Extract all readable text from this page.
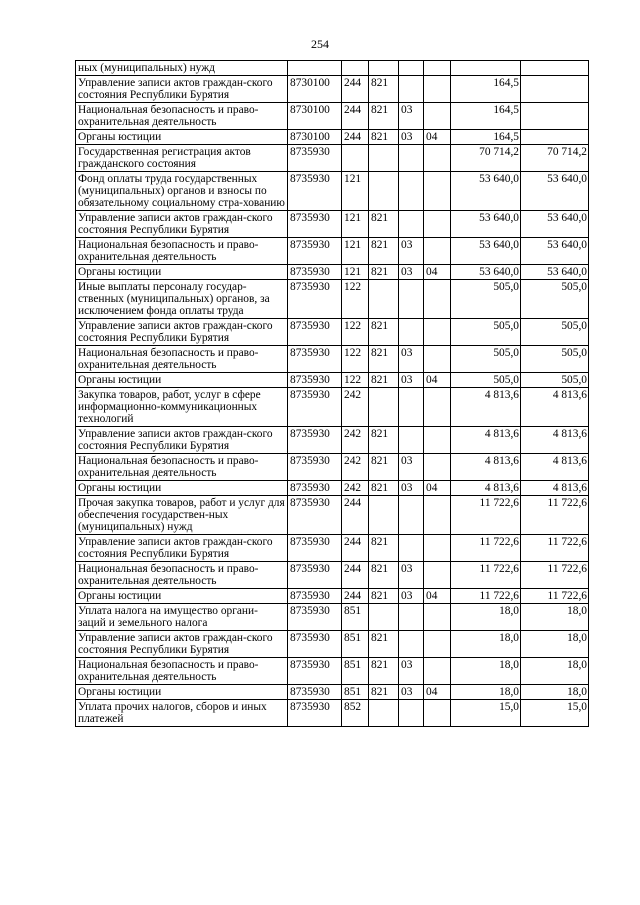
254
ных (муниципальных) нужд							
Управление записи актов граждан-ского состояния Республики Бурятия	8730100	244	821			164,5	
Национальная безопасность и право-охранительная деятельность	8730100	244	821	03		164,5	
Органы юстиции	8730100	244	821	03	04	164,5	
Государственная регистрация актов гражданского состояния	8735930					70 714,2	70 714,2
Фонд оплаты труда государственных (муниципальных) органов и взносы по обязательному социальному стра-хованию	8735930	121				53 640,0	53 640,0
Управление записи актов граждан-ского состояния Республики Бурятия	8735930	121	821			53 640,0	53 640,0
Национальная безопасность и право-охранительная деятельность	8735930	121	821	03		53 640,0	53 640,0
Органы юстиции	8735930	121	821	03	04	53 640,0	53 640,0
Иные выплаты персоналу государ-ственных (муниципальных) органов, за исключением фонда оплаты труда	8735930	122				505,0	505,0
Управление записи актов граждан-ского состояния Республики Бурятия	8735930	122	821			505,0	505,0
Национальная безопасность и право-охранительная деятельность	8735930	122	821	03		505,0	505,0
Органы юстиции	8735930	122	821	03	04	505,0	505,0
Закупка товаров, работ, услуг в сфере информационно-коммуникационных технологий	8735930	242				4 813,6	4 813,6
Управление записи актов граждан-ского состояния Республики Бурятия	8735930	242	821			4 813,6	4 813,6
Национальная безопасность и право-охранительная деятельность	8735930	242	821	03		4 813,6	4 813,6
Органы юстиции	8735930	242	821	03	04	4 813,6	4 813,6
Прочая закупка товаров, работ и услуг для обеспечения государствен-ных (муниципальных) нужд	8735930	244				11 722,6	11 722,6
Управление записи актов граждан-ского состояния Республики Бурятия	8735930	244	821			11 722,6	11 722,6
Национальная безопасность и право-охранительная деятельность	8735930	244	821	03		11 722,6	11 722,6
Органы юстиции	8735930	244	821	03	04	11 722,6	11 722,6
Уплата налога на имущество органи-заций и земельного налога	8735930	851				18,0	18,0
Управление записи актов граждан-ского состояния Республики Бурятия	8735930	851	821			18,0	18,0
Национальная безопасность и право-охранительная деятельность	8735930	851	821	03		18,0	18,0
Органы юстиции	8735930	851	821	03	04	18,0	18,0
Уплата прочих налогов, сборов и иных платежей	8735930	852				15,0	15,0
